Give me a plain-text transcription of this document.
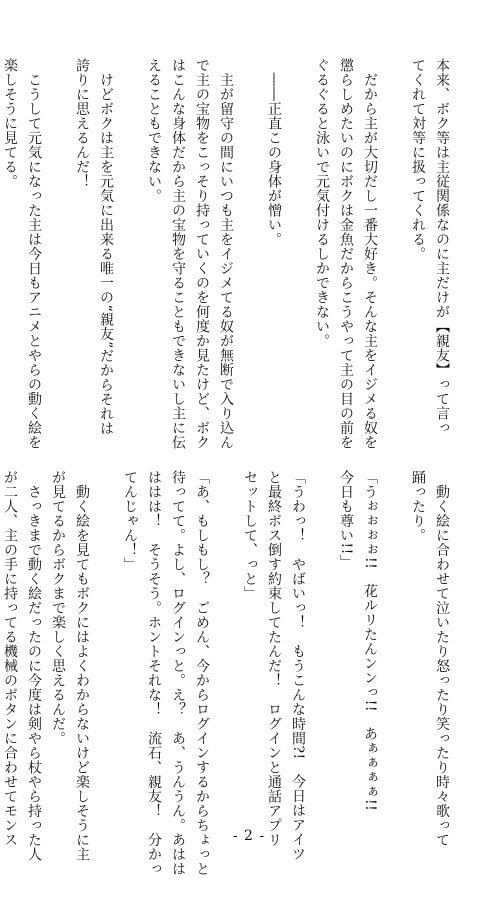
本来、ボク等は主従関係なのに主だけが【親友】って言っ
てくれて対等に扱ってくれる。

　だから主が大切だし一番大好き。そんな主をイジメる奴を
懲らしめたいのにボクは金魚だからこうやって主の目の前を
ぐるぐると泳いで元気付けるしかできない。

　――正直この身体が憎い。

　主が留守の間にいつも主をイジメてる奴が無断で入り込ん
で主の宝物をこっそり持っていくのを何度か見たけど、ボク
はこんな身体だから主の宝物を守ることもできないし主に伝
えることもできない。

　けどボクは主を元気に出来る唯一の“親友”だからそれは
誇りに思えるんだ！

　こうして元気になった主は今日もアニメとやらの動く絵を
楽しそうに見てる。
　動く絵に合わせて泣いたり怒ったり笑ったり時々歌って
踊ったり。

「うぉぉぉぉ!!　花ルリたんンンっ!!　あぁぁぁぁ!!
今日も尊い!!」

「うわっ！　やばいっ！　もうこんな時間?!　今日はアイツ
と最終ボス倒す約束してたんだ！　ログインと通話アプリ
セットして、っと」

「あ、もしもし？　ごめん、今からログインするからちょっと
待ってて。よし、ログインっと。え？　あ、うんうん。あはは
ははは！　そうそう。ホントそれな！　流石、親友！　分かっ
てんじゃん！」

　動く絵を見てもボクにはよくわからないけど楽しそうに主
が見てるからボクまで楽しく思えるんだ。
　さっきまで動く絵だったのに今度は剣やら杖やら持った人
が二人、主の手に持ってる機械のボタンに合わせてモンス	- 2 -
